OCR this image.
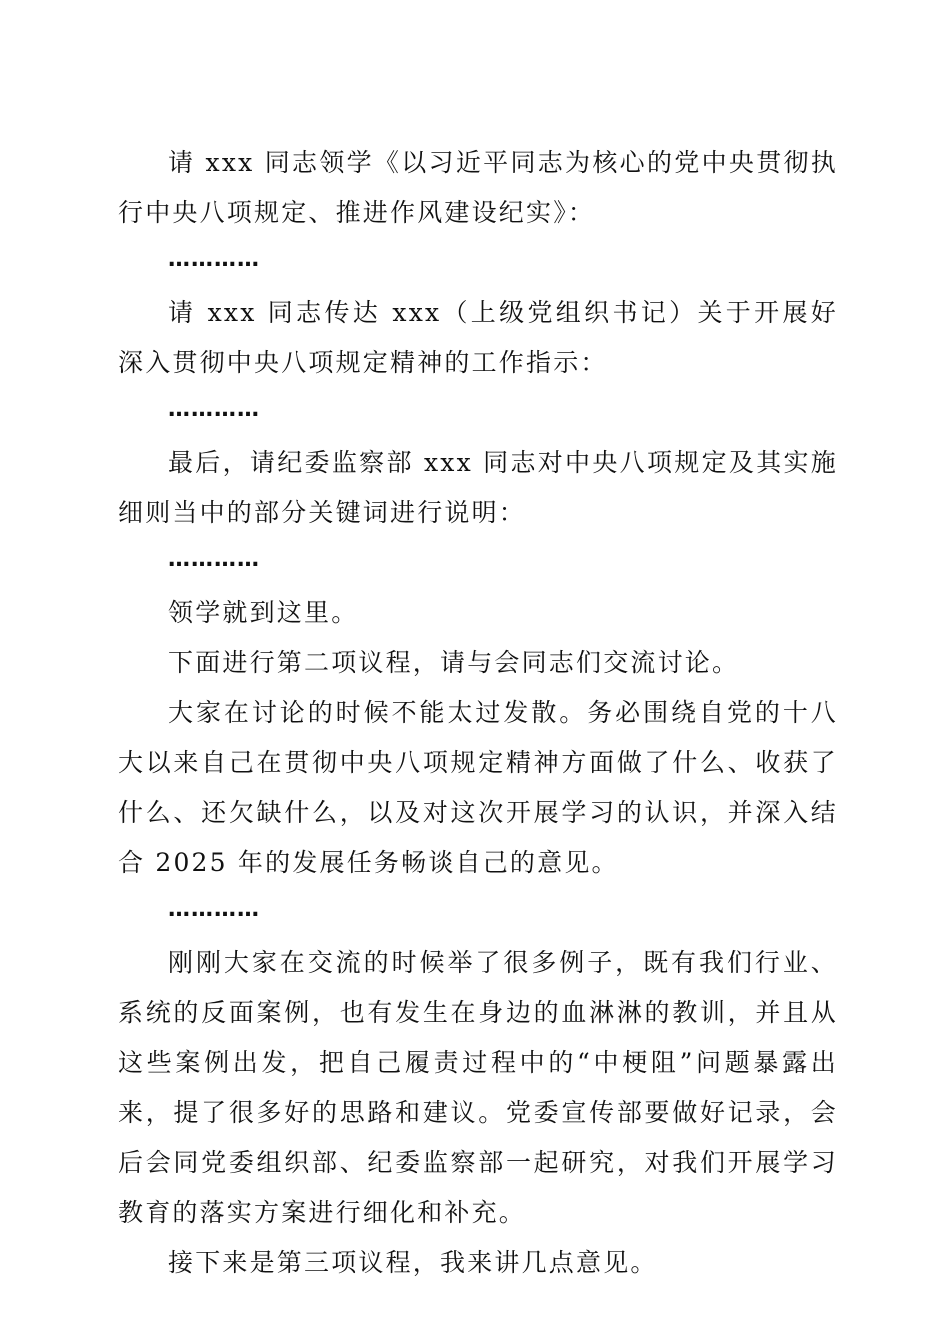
请 xxx 同志领学《以习近平同志为核心的党中央贯彻执行中央八项规定、推进作风建设纪实》：

…………

请 xxx 同志传达 xxx（上级党组织书记）关于开展好深入贯彻中央八项规定精神的工作指示：

…………

最后，请纪委监察部 xxx 同志对中央八项规定及其实施细则当中的部分关键词进行说明：

…………

领学就到这里。

下面进行第二项议程，请与会同志们交流讨论。

大家在讨论的时候不能太过发散。务必围绕自党的十八大以来自己在贯彻中央八项规定精神方面做了什么、收获了什么、还欠缺什么，以及对这次开展学习的认识，并深入结合 2025 年的发展任务畅谈自己的意见。

…………

刚刚大家在交流的时候举了很多例子，既有我们行业、系统的反面案例，也有发生在身边的血淋淋的教训，并且从这些案例出发，把自己履责过程中的“中梗阻”问题暴露出来，提了很多好的思路和建议。党委宣传部要做好记录，会后会同党委组织部、纪委监察部一起研究，对我们开展学习教育的落实方案进行细化和补充。

接下来是第三项议程，我来讲几点意见。
